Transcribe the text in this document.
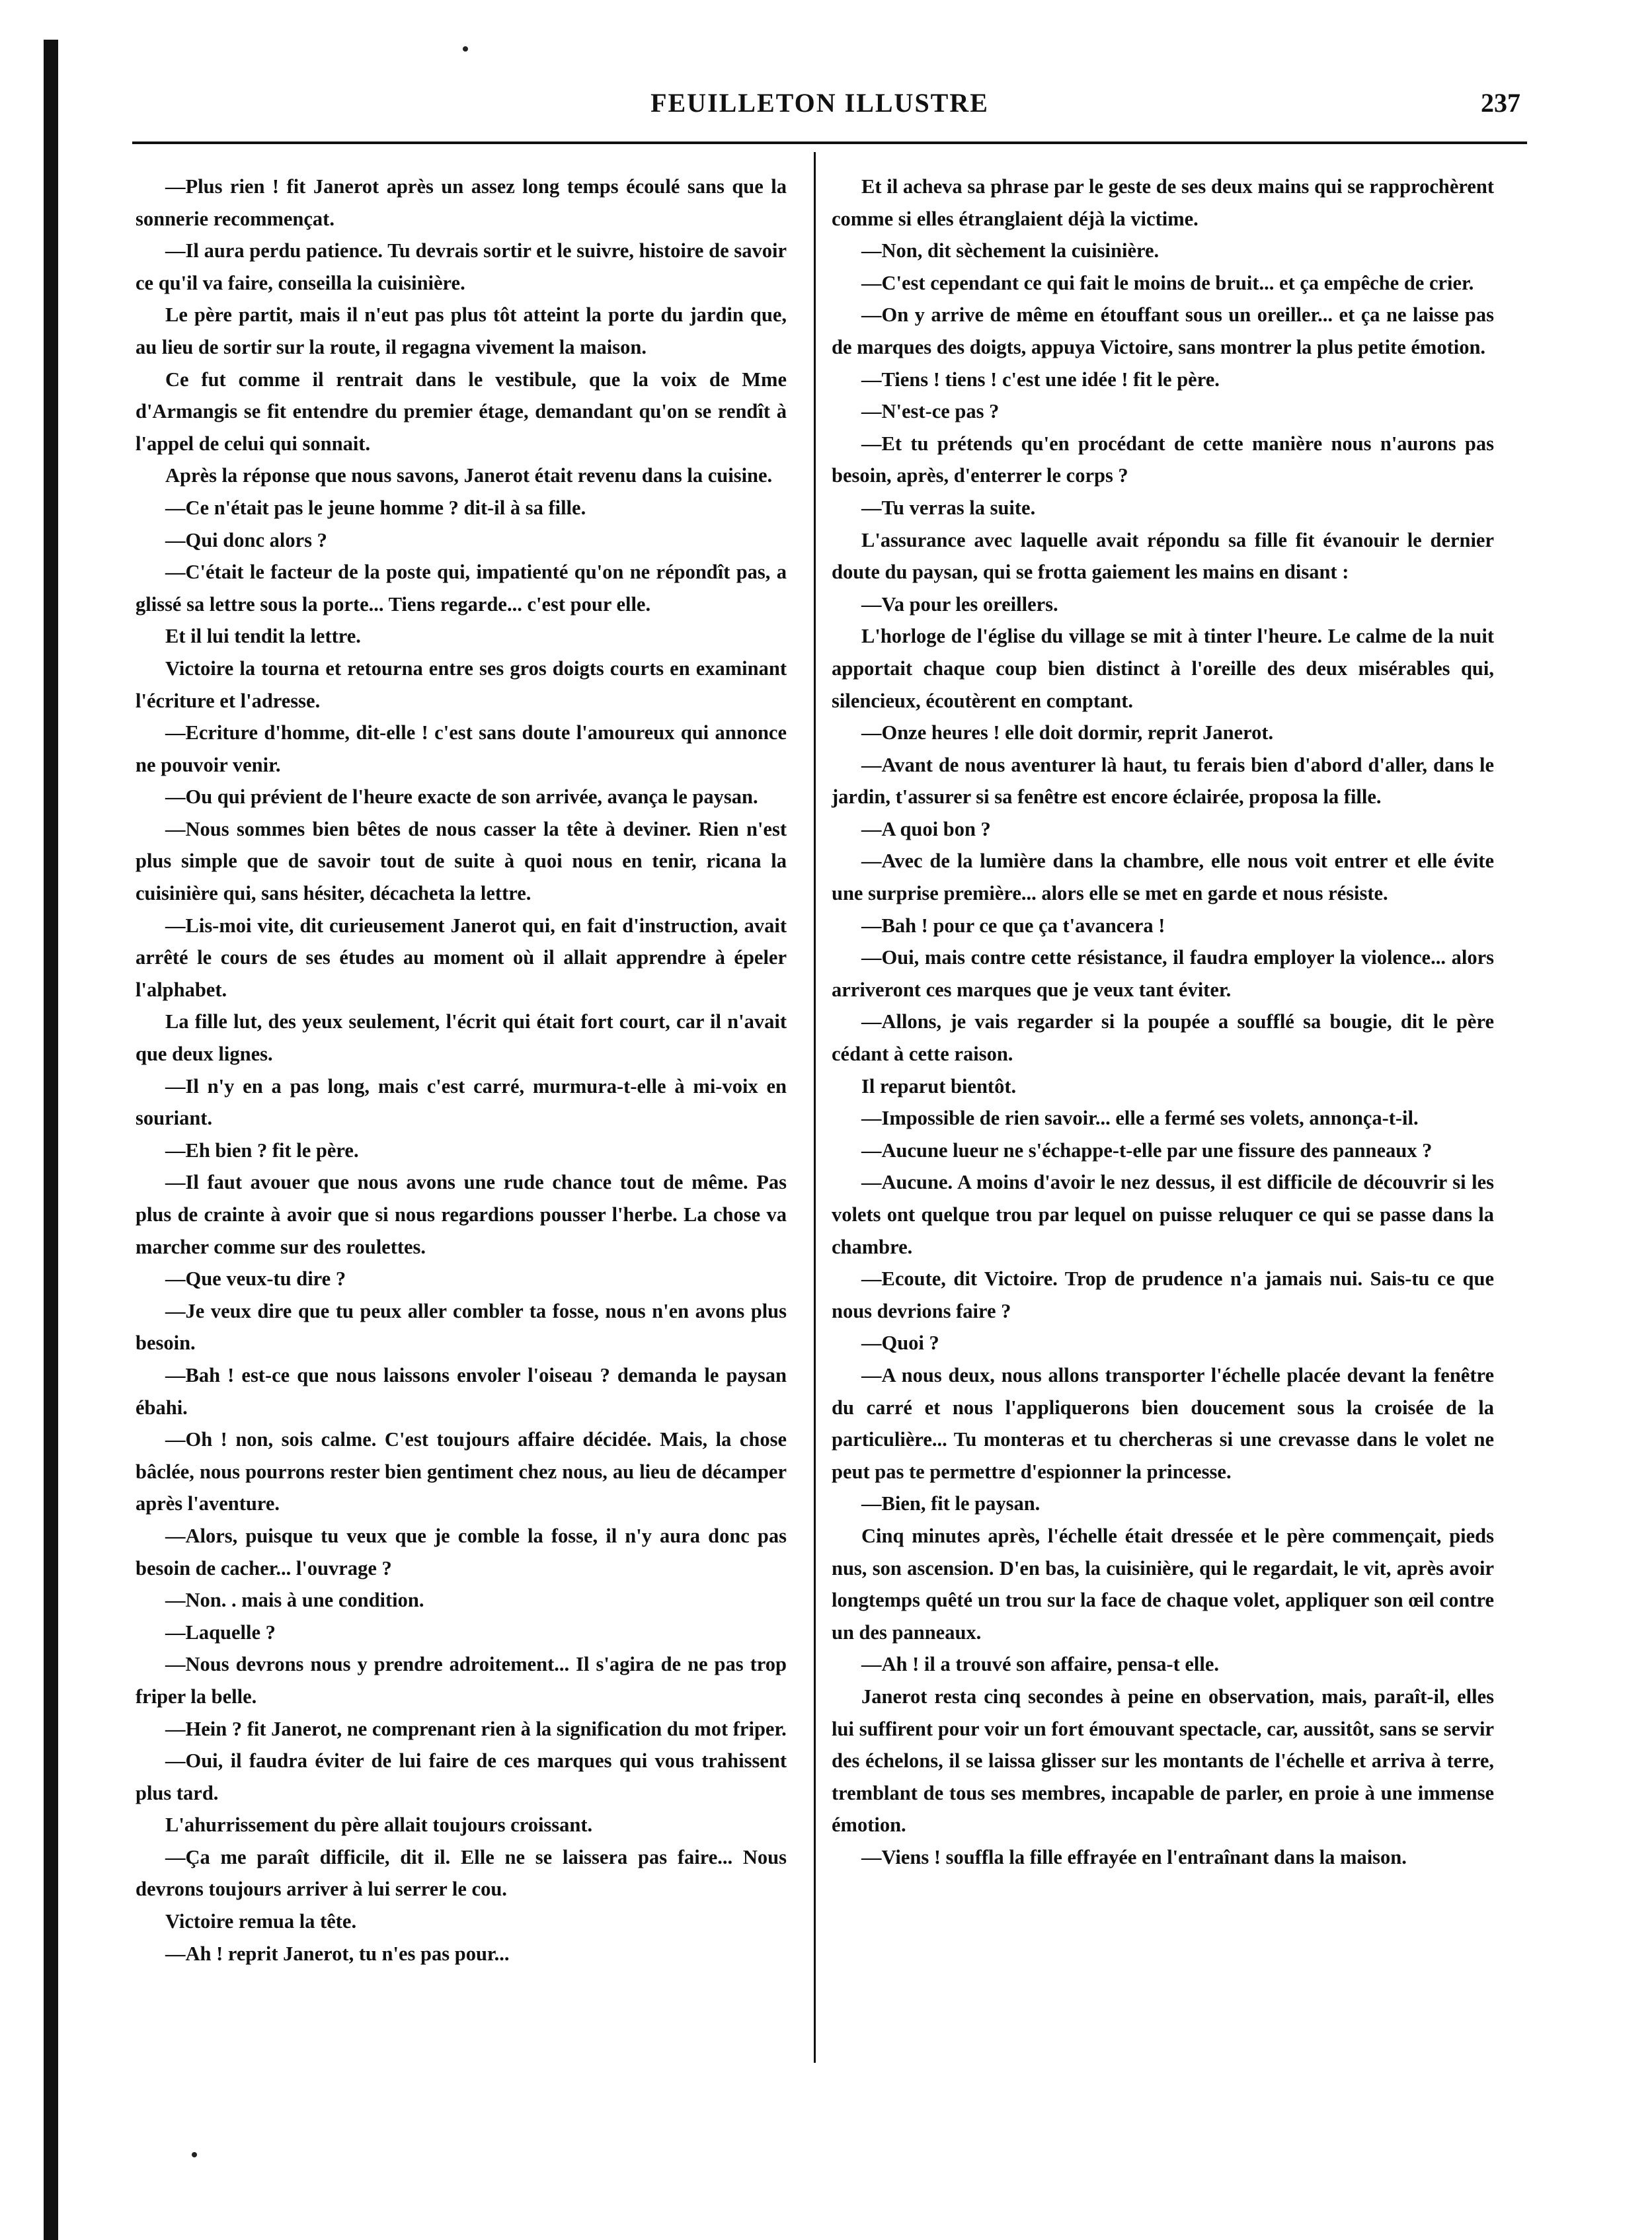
FEUILLETON ILLUSTRE	237

—Plus rien ! fit Janerot après un assez long temps écoulé sans que la sonnerie recommençat.

—Il aura perdu patience. Tu devrais sortir et le suivre, histoire de savoir ce qu'il va faire, conseilla la cuisinière.

Le père partit, mais il n'eut pas plus tôt atteint la porte du jardin que, au lieu de sortir sur la route, il regagna vivement la maison.

Ce fut comme il rentrait dans le vestibule, que la voix de Mme d'Armangis se fit entendre du premier étage, demandant qu'on se rendît à l'appel de celui qui sonnait.

Après la réponse que nous savons, Janerot était revenu dans la cuisine.

—Ce n'était pas le jeune homme ? dit-il à sa fille.

—Qui donc alors ?

—C'était le facteur de la poste qui, impatienté qu'on ne répondît pas, a glissé sa lettre sous la porte... Tiens regarde... c'est pour elle.

Et il lui tendit la lettre.

Victoire la tourna et retourna entre ses gros doigts courts en examinant l'écriture et l'adresse.

—Ecriture d'homme, dit-elle ! c'est sans doute l'amoureux qui annonce ne pouvoir venir.

—Ou qui prévient de l'heure exacte de son arrivée, avança le paysan.

—Nous sommes bien bêtes de nous casser la tête à deviner. Rien n'est plus simple que de savoir tout de suite à quoi nous en tenir, ricana la cuisinière qui, sans hésiter, décacheta la lettre.

—Lis-moi vite, dit curieusement Janerot qui, en fait d'instruction, avait arrêté le cours de ses études au moment où il allait apprendre à épeler l'alphabet.

La fille lut, des yeux seulement, l'écrit qui était fort court, car il n'avait que deux lignes.

—Il n'y en a pas long, mais c'est carré, murmura-t-elle à mi-voix en souriant.

—Eh bien ? fit le père.

—Il faut avouer que nous avons une rude chance tout de même. Pas plus de crainte à avoir que si nous regardions pousser l'herbe. La chose va marcher comme sur des roulettes.

—Que veux-tu dire ?

—Je veux dire que tu peux aller combler ta fosse, nous n'en avons plus besoin.

—Bah ! est-ce que nous laissons envoler l'oiseau ? demanda le paysan ébahi.

—Oh ! non, sois calme. C'est toujours affaire décidée. Mais, la chose bâclée, nous pourrons rester bien gentiment chez nous, au lieu de décamper après l'aventure.

—Alors, puisque tu veux que je comble la fosse, il n'y aura donc pas besoin de cacher... l'ouvrage ?

—Non. . mais à une condition.

—Laquelle ?

—Nous devrons nous y prendre adroitement... Il s'agira de ne pas trop friper la belle.

—Hein ? fit Janerot, ne comprenant rien à la signification du mot friper.

—Oui, il faudra éviter de lui faire de ces marques qui vous trahissent plus tard.

L'ahurrissement du père allait toujours croissant.

—Ça me paraît difficile, dit il. Elle ne se laissera pas faire... Nous devrons toujours arriver à lui serrer le cou.

Victoire remua la tête.

—Ah ! reprit Janerot, tu n'es pas pour...

Et il acheva sa phrase par le geste de ses deux mains qui se rapprochèrent comme si elles étranglaient déjà la victime.

—Non, dit sèchement la cuisinière.

—C'est cependant ce qui fait le moins de bruit... et ça empêche de crier.

—On y arrive de même en étouffant sous un oreiller... et ça ne laisse pas de marques des doigts, appuya Victoire, sans montrer la plus petite émotion.

—Tiens ! tiens ! c'est une idée ! fit le père.

—N'est-ce pas ?

—Et tu prétends qu'en procédant de cette manière nous n'aurons pas besoin, après, d'enterrer le corps ?

—Tu verras la suite.

L'assurance avec laquelle avait répondu sa fille fit évanouir le dernier doute du paysan, qui se frotta gaiement les mains en disant :

—Va pour les oreillers.

L'horloge de l'église du village se mit à tinter l'heure. Le calme de la nuit apportait chaque coup bien distinct à l'oreille des deux misérables qui, silencieux, écoutèrent en comptant.

—Onze heures ! elle doit dormir, reprit Janerot.

—Avant de nous aventurer là haut, tu ferais bien d'abord d'aller, dans le jardin, t'assurer si sa fenêtre est encore éclairée, proposa la fille.

—A quoi bon ?

—Avec de la lumière dans la chambre, elle nous voit entrer et elle évite une surprise première... alors elle se met en garde et nous résiste.

—Bah ! pour ce que ça t'avancera !

—Oui, mais contre cette résistance, il faudra employer la violence... alors arriveront ces marques que je veux tant éviter.

—Allons, je vais regarder si la poupée a soufflé sa bougie, dit le père cédant à cette raison.

Il reparut bientôt.

—Impossible de rien savoir... elle a fermé ses volets, annonça-t-il.

—Aucune lueur ne s'échappe-t-elle par une fissure des panneaux ?

—Aucune. A moins d'avoir le nez dessus, il est difficile de découvrir si les volets ont quelque trou par lequel on puisse reluquer ce qui se passe dans la chambre.

—Ecoute, dit Victoire. Trop de prudence n'a jamais nui. Sais-tu ce que nous devrions faire ?

—Quoi ?

—A nous deux, nous allons transporter l'échelle placée devant la fenêtre du carré et nous l'appliquerons bien doucement sous la croisée de la particulière... Tu monteras et tu chercheras si une crevasse dans le volet ne peut pas te permettre d'espionner la princesse.

—Bien, fit le paysan.

Cinq minutes après, l'échelle était dressée et le père commençait, pieds nus, son ascension. D'en bas, la cuisinière, qui le regardait, le vit, après avoir longtemps quêté un trou sur la face de chaque volet, appliquer son œil contre un des panneaux.

—Ah ! il a trouvé son affaire, pensa-t elle.

Janerot resta cinq secondes à peine en observation, mais, paraît-il, elles lui suffirent pour voir un fort émouvant spectacle, car, aussitôt, sans se servir des échelons, il se laissa glisser sur les montants de l'échelle et arriva à terre, tremblant de tous ses membres, incapable de parler, en proie à une immense émotion.

—Viens ! souffla la fille effrayée en l'entraînant dans la maison.
